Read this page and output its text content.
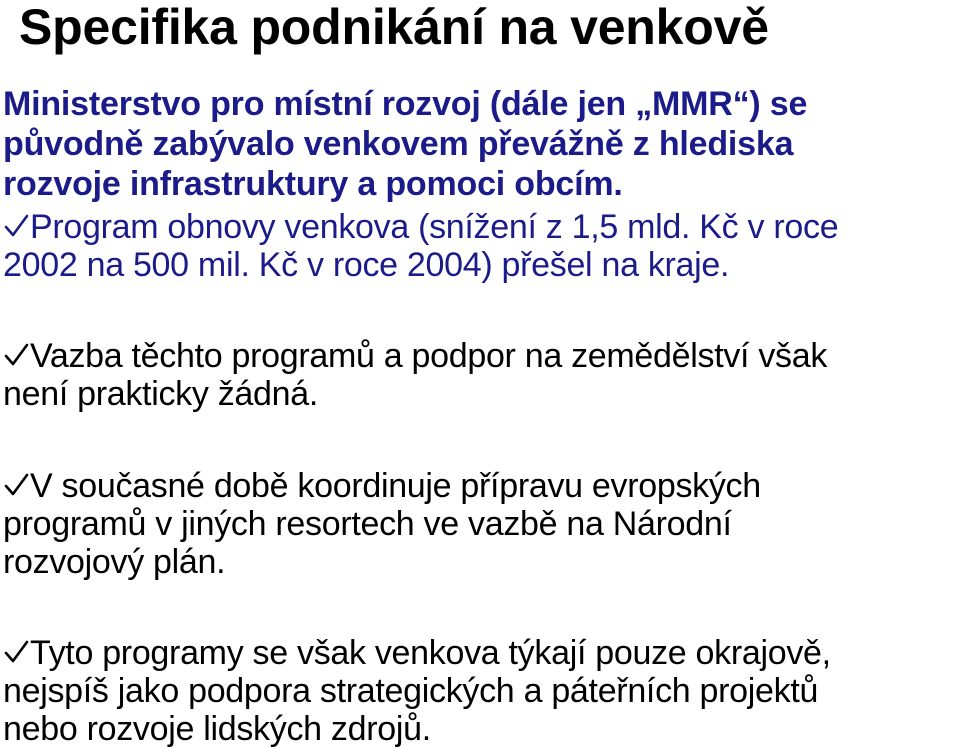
Specifika podnikání na venkově

Ministerstvo pro místní rozvoj (dále jen „MMR“) se
původně zabývalo venkovem převážně z hlediska
rozvoje infrastruktury a pomoci obcím.

Program obnovy venkova (snížení z 1,5 mld. Kč v roce
2002 na 500 mil. Kč v roce 2004) přešel na kraje.

Vazba těchto programů a podpor na zemědělství však
není prakticky žádná.

V současné době koordinuje přípravu evropských
programů v jiných resortech ve vazbě na Národní
rozvojový plán.

Tyto programy se však venkova týkají pouze okrajově,
nejspíš jako podpora strategických a páteřních projektů
nebo rozvoje lidských zdrojů.
